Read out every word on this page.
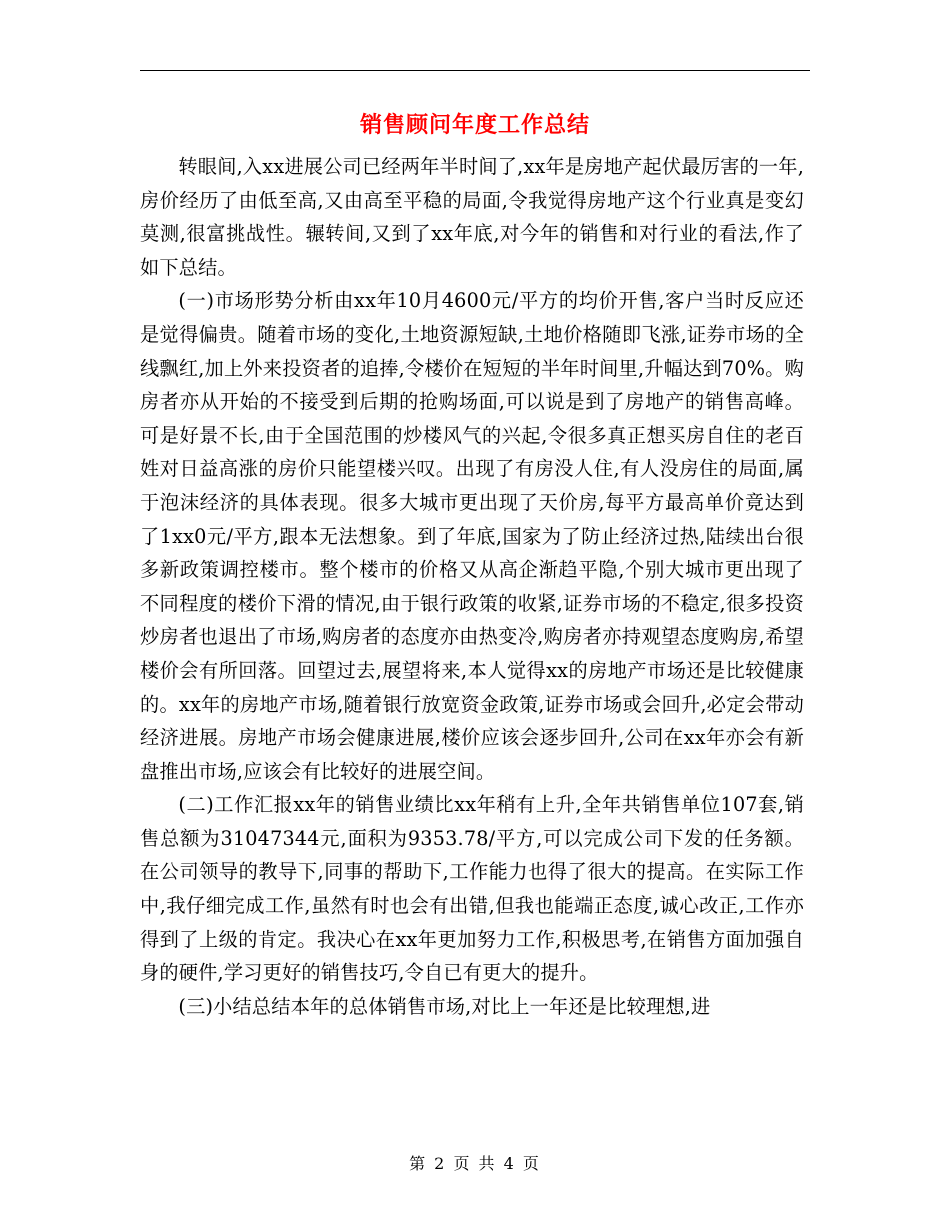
销售顾问年度工作总结

转眼间,入xx进展公司已经两年半时间了,xx年是房地产起伏最厉害的一年,房价经历了由低至高,又由高至平稳的局面,令我觉得房地产这个行业真是变幻莫测,很富挑战性。辗转间,又到了xx年底,对今年的销售和对行业的看法,作了如下总结。

(一)市场形势分析由xx年10月4600元/平方的均价开售,客户当时反应还是觉得偏贵。随着市场的变化,土地资源短缺,土地价格随即飞涨,证券市场的全线飘红,加上外来投资者的追捧,令楼价在短短的半年时间里,升幅达到70%。购房者亦从开始的不接受到后期的抢购场面,可以说是到了房地产的销售高峰。可是好景不长,由于全国范围的炒楼风气的兴起,令很多真正想买房自住的老百姓对日益高涨的房价只能望楼兴叹。出现了有房没人住,有人没房住的局面,属于泡沫经济的具体表现。很多大城市更出现了天价房,每平方最高单价竟达到了1xx0元/平方,跟本无法想象。到了年底,国家为了防止经济过热,陆续出台很多新政策调控楼市。整个楼市的价格又从高企渐趋平隐,个别大城市更出现了不同程度的楼价下滑的情况,由于银行政策的收紧,证券市场的不稳定,很多投资炒房者也退出了市场,购房者的态度亦由热变冷,购房者亦持观望态度购房,希望楼价会有所回落。回望过去,展望将来,本人觉得xx的房地产市场还是比较健康的。xx年的房地产市场,随着银行放宽资金政策,证券市场或会回升,必定会带动经济进展。房地产市场会健康进展,楼价应该会逐步回升,公司在xx年亦会有新盘推出市场,应该会有比较好的进展空间。

(二)工作汇报xx年的销售业绩比xx年稍有上升,全年共销售单位107套,销售总额为31047344元,面积为9353.78/平方,可以完成公司下发的任务额。在公司领导的教导下,同事的帮助下,工作能力也得了很大的提高。在实际工作中,我仔细完成工作,虽然有时也会有出错,但我也能端正态度,诚心改正,工作亦得到了上级的肯定。我决心在xx年更加努力工作,积极思考,在销售方面加强自身的硬件,学习更好的销售技巧,令自已有更大的提升。

(三)小结总结本年的总体销售市场,对比上一年还是比较理想,进

第 2 页 共 4 页
